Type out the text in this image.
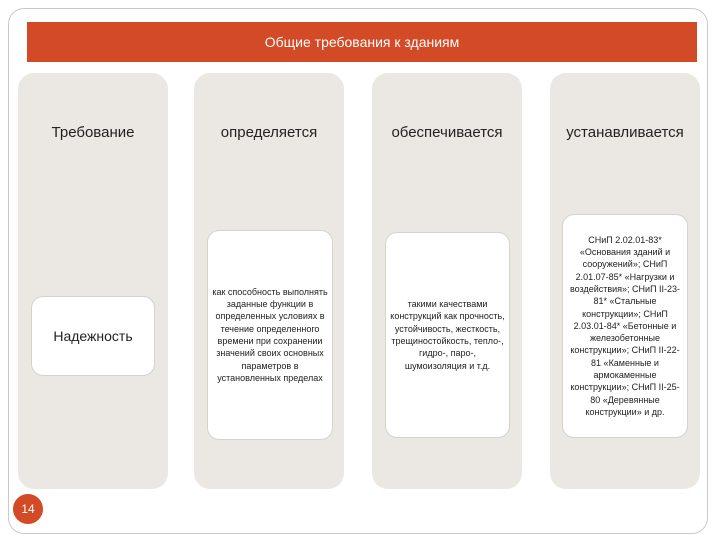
Общие требования к зданиям
Требование
Надежность
определяется
как способность выполнять заданные функции в определенных условиях в течение определенного времени при сохранении значений своих основных параметров в установленных пределах
обеспечивается
такими качествами конструкций как прочность, устойчивость, жесткость, трещиностойкость, тепло-, гидро-, паро-, шумоизоляция и т.д.
устанавливается
СНиП 2.02.01-83* «Основания зданий и сооружений»; СНиП 2.01.07-85* «Нагрузки и воздействия»; СНиП II-23-81* «Стальные конструкции»; СНиП 2.03.01-84* «Бетонные и железобетонные конструкции»; СНиП II-22-81 «Каменные и армокаменные конструкции»; СНиП II-25-80 «Деревянные конструкции» и др.
14
